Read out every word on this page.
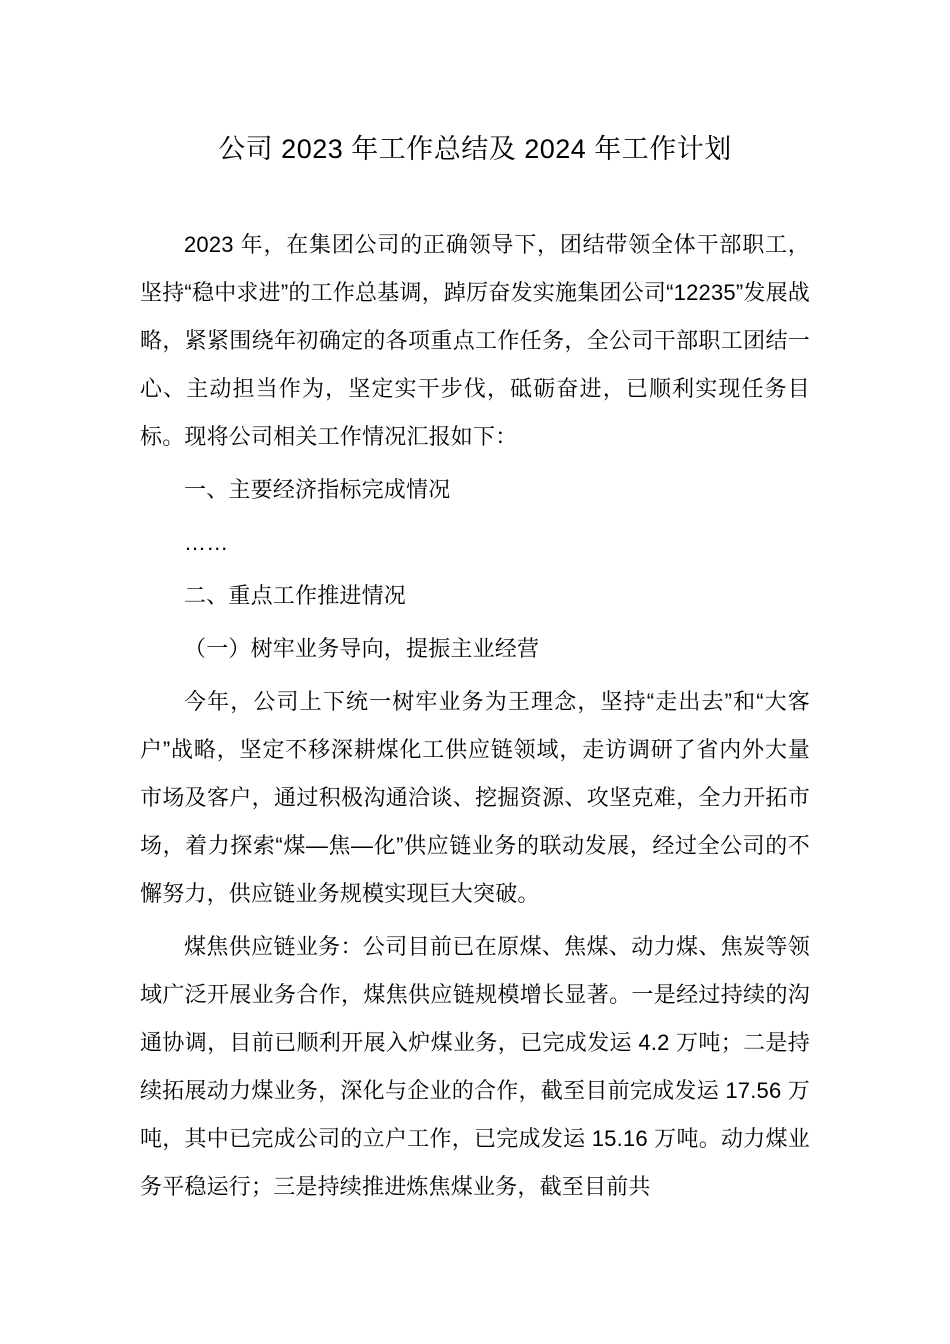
公司 2023 年工作总结及 2024 年工作计划

2023 年，在集团公司的正确领导下，团结带领全体干部职工，坚持“稳中求进”的工作总基调，踔厉奋发实施集团公司“12235”发展战略，紧紧围绕年初确定的各项重点工作任务，全公司干部职工团结一心、主动担当作为，坚定实干步伐，砥砺奋进，已顺利实现任务目标。现将公司相关工作情况汇报如下：

一、主要经济指标完成情况

……

二、重点工作推进情况

（一）树牢业务导向，提振主业经营

今年，公司上下统一树牢业务为王理念，坚持“走出去”和“大客户”战略，坚定不移深耕煤化工供应链领域，走访调研了省内外大量市场及客户，通过积极沟通洽谈、挖掘资源、攻坚克难，全力开拓市场，着力探索“煤—焦—化”供应链业务的联动发展，经过全公司的不懈努力，供应链业务规模实现巨大突破。

煤焦供应链业务：公司目前已在原煤、焦煤、动力煤、焦炭等领域广泛开展业务合作，煤焦供应链规模增长显著。一是经过持续的沟通协调，目前已顺利开展入炉煤业务，已完成发运 4.2 万吨；二是持续拓展动力煤业务，深化与企业的合作，截至目前完成发运 17.56 万吨，其中已完成公司的立户工作，已完成发运 15.16 万吨。动力煤业务平稳运行；三是持续推进炼焦煤业务，截至目前共
